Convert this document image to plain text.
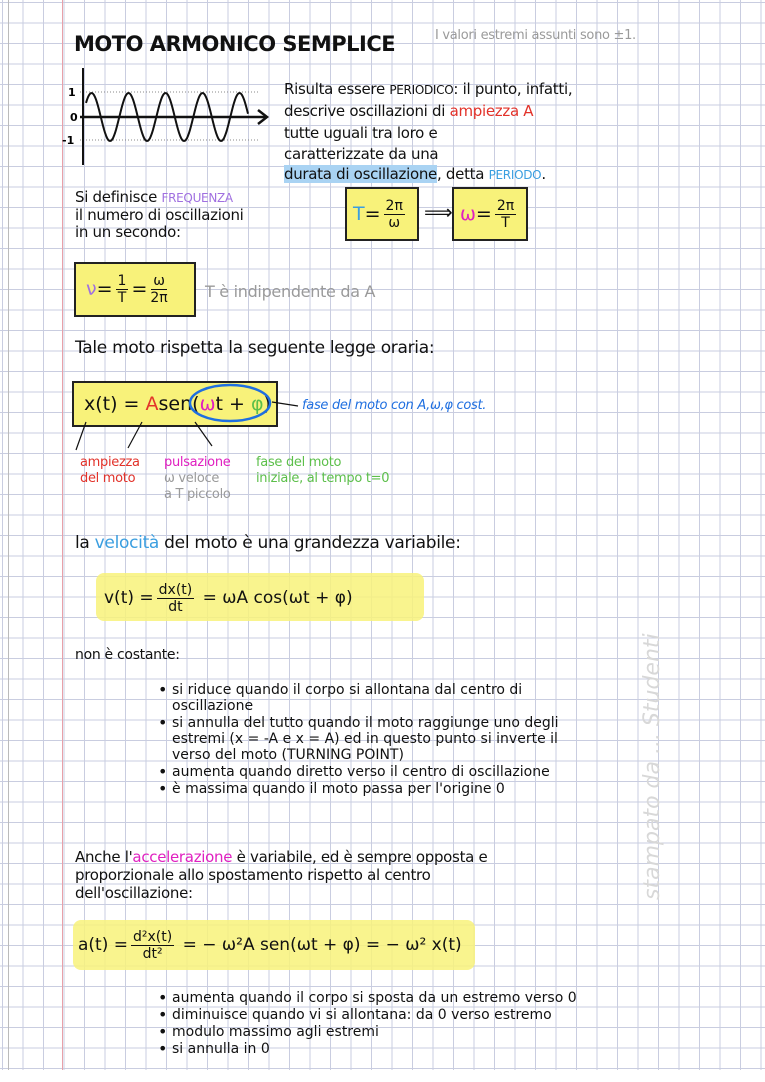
stampato da ... Studenti
MOTO ARMONICO SEMPLICE	I valori estremi assunti sono ±1.
1
0
-1
Risulta essere PERIODICO: il punto, infatti,
descrive oscillazioni di ampiezza A
tutte uguali tra loro e
caratterizzate da una
durata di oscillazione, detta PERIODO.
Si definisce FREQUENZA
il numero di oscillazioni
in un secondo:
$T = \frac{2\pi}{\omega}$ ⟹ $\omega = \frac{2\pi}{T}$
$\nu = \frac{1}{T} = \frac{\omega}{2\pi}$ T è indipendente da A
Tale moto rispetta la seguente legge oraria:
x(t) =
A sen( ω t +
φ ) fase del moto con A,ω,φ cost.
ampiezza
del moto
pulsazione
ω veloce
a T piccolo
fase del moto
iniziale, al tempo t=0
la velocità del moto è una grandezza variabile:
$v(t) = \frac{dx(t)}{dt}$
= ωA cos(ωt + φ)
non è costante:
• si riduce quando il corpo si allontana dal centro di oscillazione
• si annulla del tutto quando il moto raggiunge uno degli estremi (x = -A e x = A) ed in questo punto si inverte il verso del moto (TURNING POINT)
• aumenta quando diretto verso il centro di oscillazione
• è massima quando il moto passa per l'origine 0
Anche l'accelerazione è variabile, ed è sempre opposta e
proporzionale allo spostamento rispetto al centro
dell'oscillazione:
$a(t) = \frac{\text{d²x(t)}}{\text{dt²}}$
= − ω²A sen(ωt + φ) = − ω² x(t)
• aumenta quando il corpo si sposta da un estremo verso 0
• diminuisce quando vi si allontana: da 0 verso estremo
• modulo massimo agli estremi
• si annulla in 0
